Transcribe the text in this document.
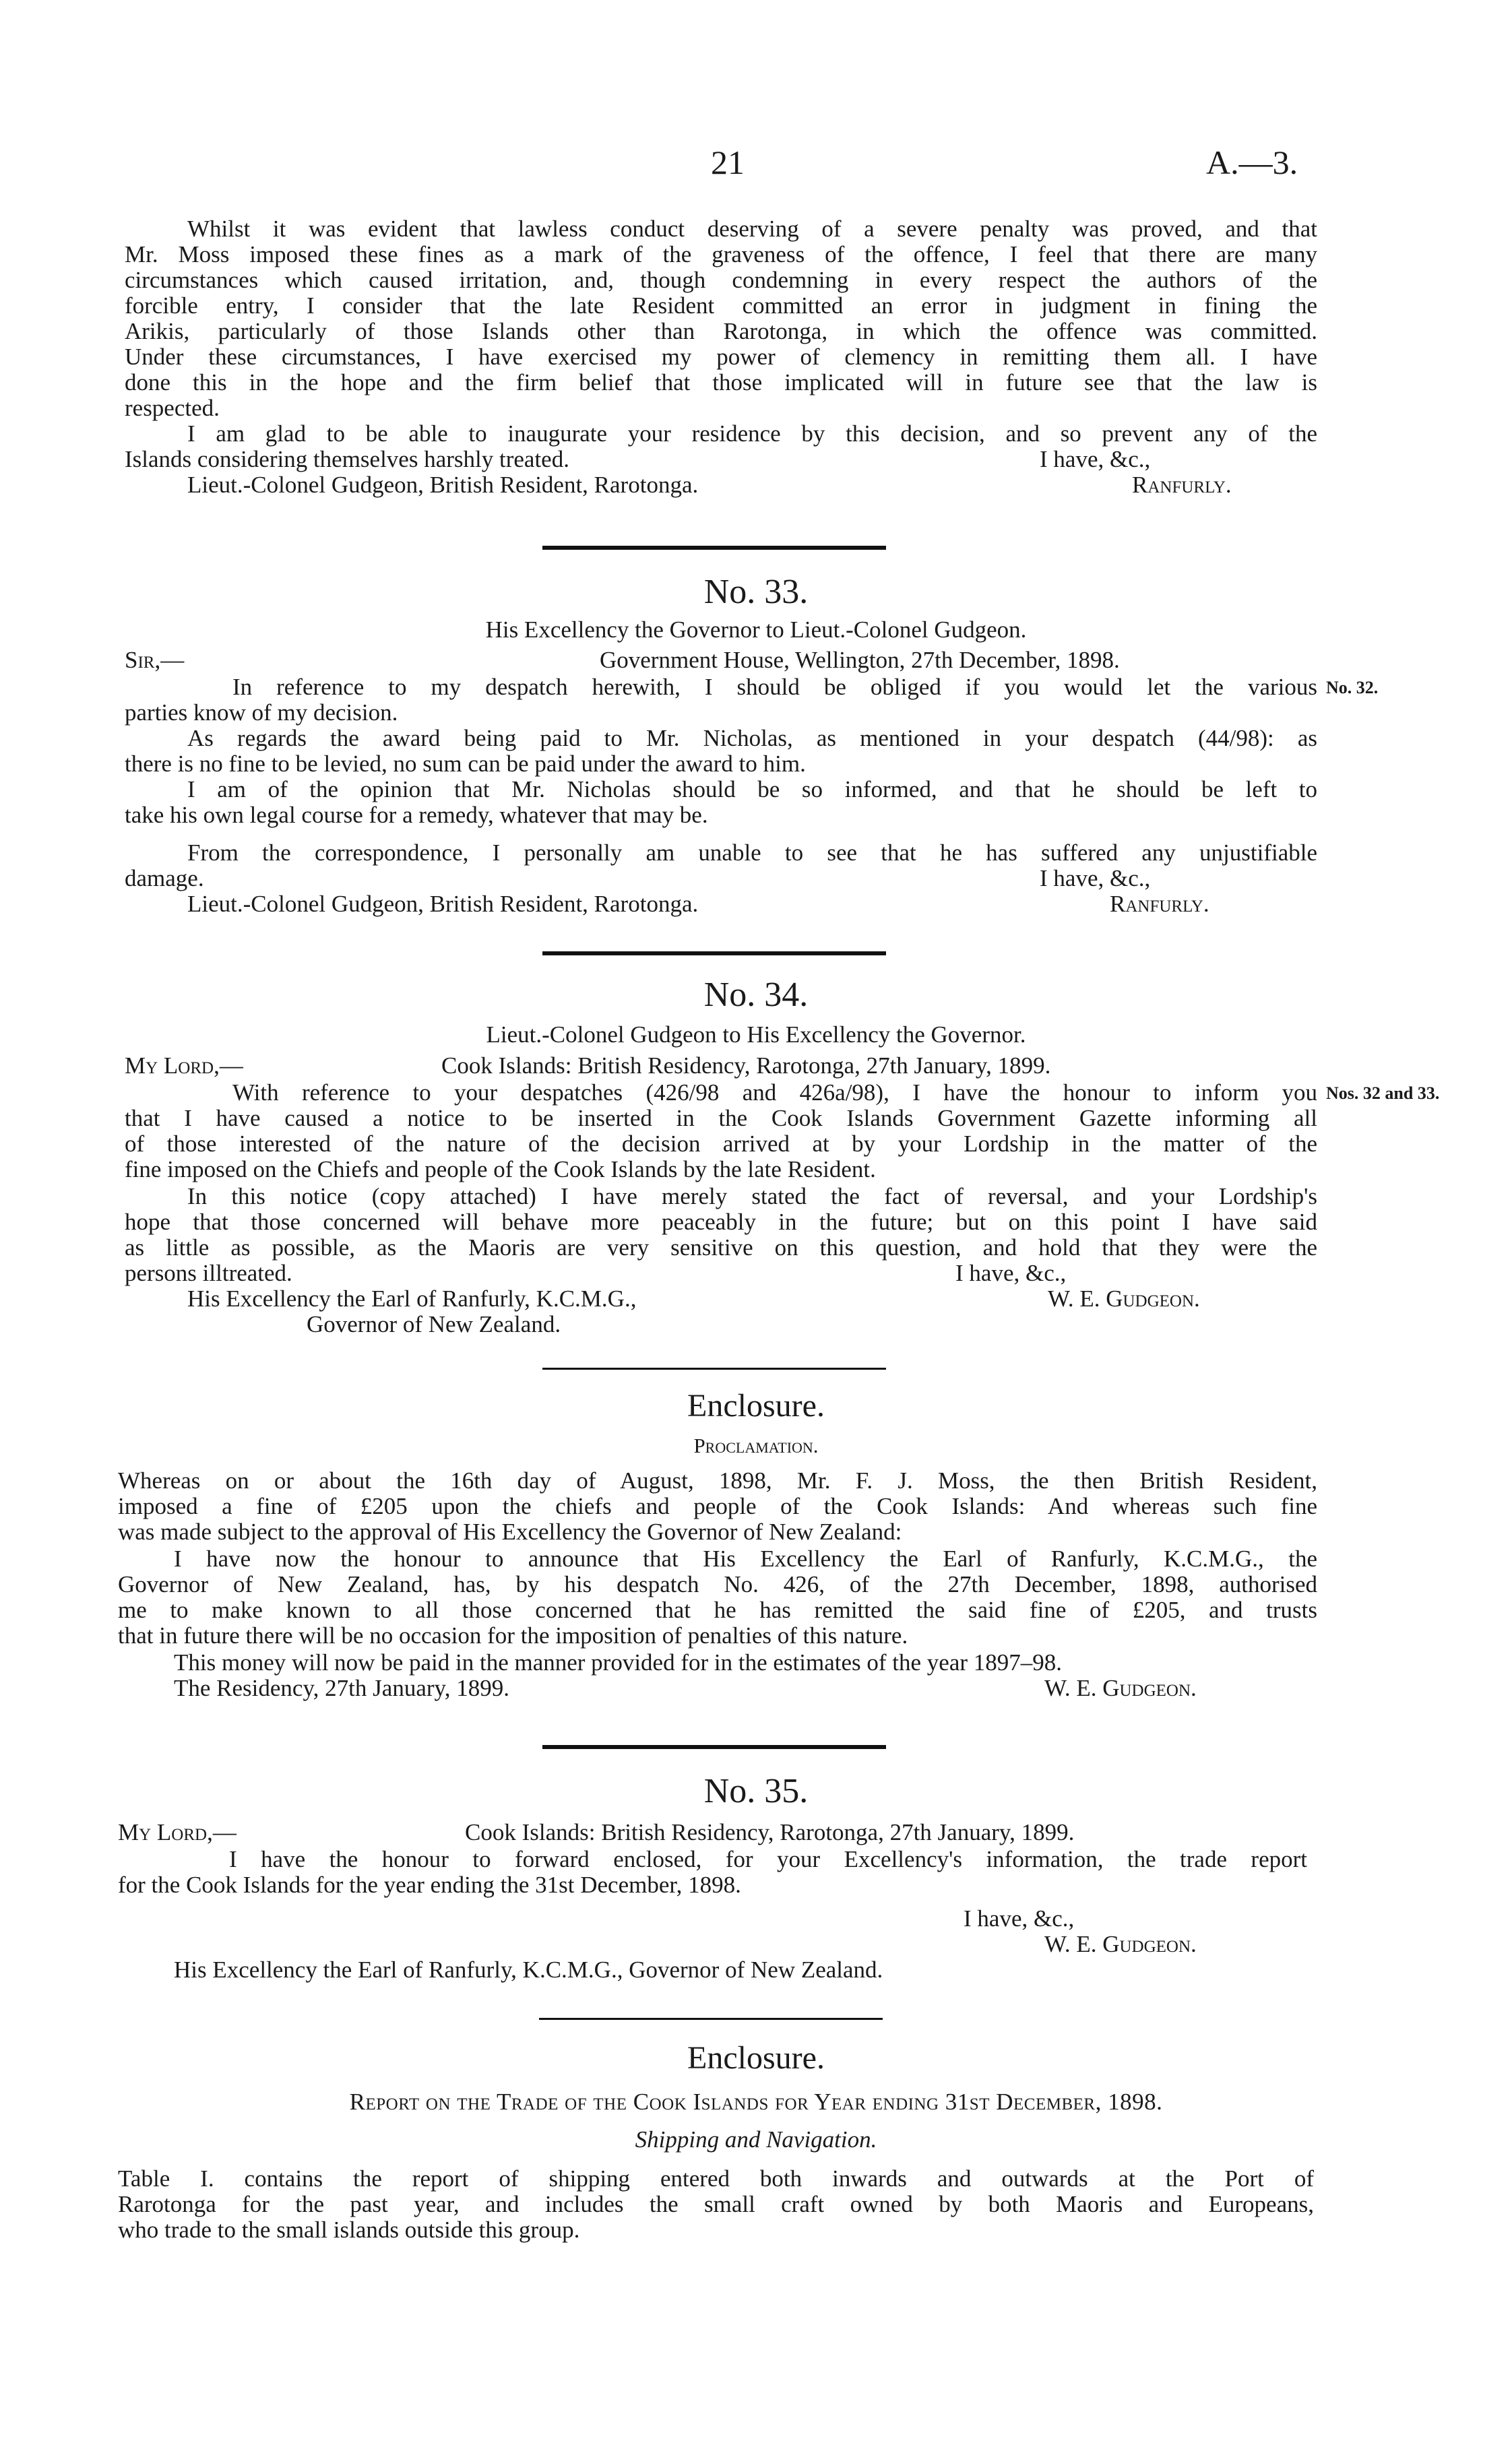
21	A.—3.
Whilst it was evident that lawless conduct deserving of a severe penalty was proved, and that
Mr. Moss imposed these fines as a mark of the graveness of the offence, I feel that there are many
circumstances which caused irritation, and, though condemning in every respect the authors of the
forcible entry, I consider that the late Resident committed an error in judgment in fining the
Arikis, particularly of those Islands other than Rarotonga, in which the offence was committed.
Under these circumstances, I have exercised my power of clemency in remitting them all. I have
done this in the hope and the firm belief that those implicated will in future see that the law is
respected.
I am glad to be able to inaugurate your residence by this decision, and so prevent any of the
Islands considering themselves harshly treated.	I have, &c.,
Lieut.-Colonel Gudgeon, British Resident, Rarotonga.	Ranfurly.
No. 33.
His Excellency the Governor to Lieut.-Colonel Gudgeon.
Sir,—	Government House, Wellington, 27th December, 1898.
In reference to my despatch herewith, I should be obliged if you would let the various No. 32.
parties know of my decision.
As regards the award being paid to Mr. Nicholas, as mentioned in your despatch (44/98): as
there is no fine to be levied, no sum can be paid under the award to him.
I am of the opinion that Mr. Nicholas should be so informed, and that he should be left to
take his own legal course for a remedy, whatever that may be.
From the correspondence, I personally am unable to see that he has suffered any unjustifiable
damage.	I have, &c.,
Lieut.-Colonel Gudgeon, British Resident, Rarotonga.	Ranfurly.
No. 34.
Lieut.-Colonel Gudgeon to His Excellency the Governor.
My Lord,—	Cook Islands: British Residency, Rarotonga, 27th January, 1899.
With reference to your despatches (426/98 and 426a/98), I have the honour to inform you Nos. 32 and 33.
that I have caused a notice to be inserted in the Cook Islands Government Gazette informing all
of those interested of the nature of the decision arrived at by your Lordship in the matter of the
fine imposed on the Chiefs and people of the Cook Islands by the late Resident.
In this notice (copy attached) I have merely stated the fact of reversal, and your Lordship's
hope that those concerned will behave more peaceably in the future; but on this point I have said
as little as possible, as the Maoris are very sensitive on this question, and hold that they were the
persons illtreated.	I have, &c.,
His Excellency the Earl of Ranfurly, K.C.M.G.,	W. E. Gudgeon.
Governor of New Zealand.
Enclosure.
Proclamation.
Whereas on or about the 16th day of August, 1898, Mr. F. J. Moss, the then British Resident,
imposed a fine of £205 upon the chiefs and people of the Cook Islands: And whereas such fine
was made subject to the approval of His Excellency the Governor of New Zealand:
I have now the honour to announce that His Excellency the Earl of Ranfurly, K.C.M.G., the
Governor of New Zealand, has, by his despatch No. 426, of the 27th December, 1898, authorised
me to make known to all those concerned that he has remitted the said fine of £205, and trusts
that in future there will be no occasion for the imposition of penalties of this nature.
This money will now be paid in the manner provided for in the estimates of the year 1897–98.
The Residency, 27th January, 1899.	W. E. Gudgeon.
No. 35.
My Lord,—	Cook Islands: British Residency, Rarotonga, 27th January, 1899.
I have the honour to forward enclosed, for your Excellency's information, the trade report
for the Cook Islands for the year ending the 31st December, 1898.
I have, &c.,
W. E. Gudgeon.
His Excellency the Earl of Ranfurly, K.C.M.G., Governor of New Zealand.
Enclosure.
Report on the Trade of the Cook Islands for Year ending 31st December, 1898.
Shipping and Navigation.
Table I. contains the report of shipping entered both inwards and outwards at the Port of
Rarotonga for the past year, and includes the small craft owned by both Maoris and Europeans,
who trade to the small islands outside this group.
